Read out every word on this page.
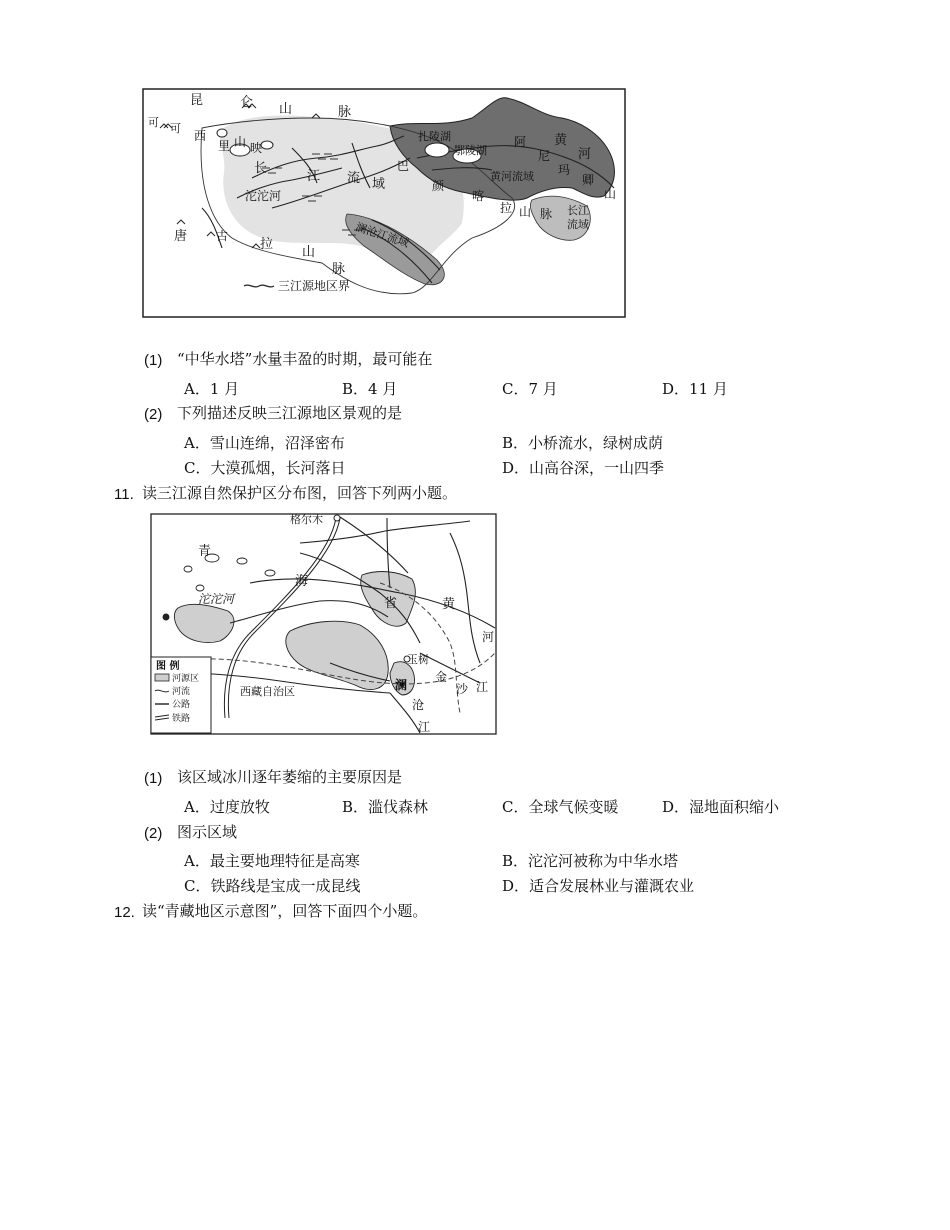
昆	仑 山	脉
可 可
西
里 山 映
长
江 流 域
沱沱河
巴
颜
喀
拉 山 脉
扎陵湖
鄂陵湖
阿
尼
玛
卿
山
黄
河
黄河流域
长江
流域
澜沧江流域
唐 古
拉
山
脉
三江源地区界
(1) “中华水塔”水量丰盈的时期，最可能在
A．1 月	B．4 月	C．7 月	D．11 月
(2) 下列描述反映三江源地区景观的是
A．雪山连绵，沼泽密布	B．小桥流水，绿树成荫
C．大漠孤烟，长河落日	D．山高谷深，一山四季
11. 读三江源自然保护区分布图，回答下列两小题。
格尔木
青
海
省
沱沱河	黄
河
玉树
金
沙 江
澜
沧
江
西藏自治区
图 例
河源区
河流
公路
铁路
(1) 该区域冰川逐年萎缩的主要原因是
A．过度放牧	B．滥伐森林	C．全球气候变暖	D．湿地面积缩小
(2) 图示区域
A．最主要地理特征是高寒	B．沱沱河被称为中华水塔
C．铁路线是宝成一成昆线	D．适合发展林业与灌溉农业
12. 读“青藏地区示意图”，回答下面四个小题。
